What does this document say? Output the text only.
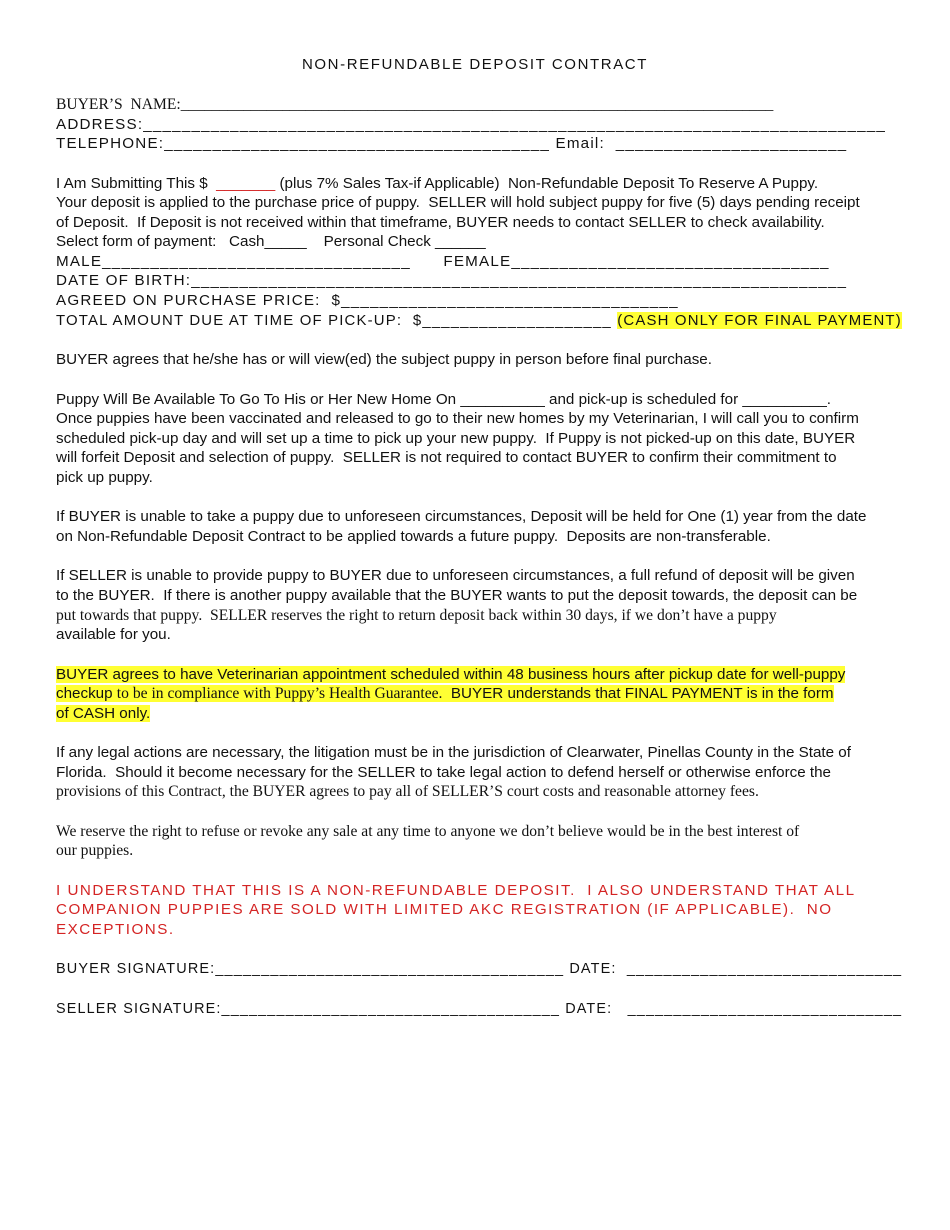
NON-REFUNDABLE DEPOSIT CONTRACT

BUYER’S  NAME:____________________________________________________________________________

ADDRESS:_____________________________________________________________________________

TELEPHONE:________________________________________ Email:  ________________________

I Am Submitting This $  _______ (plus 7% Sales Tax-if Applicable)  Non-Refundable Deposit To Reserve A Puppy.

Your deposit is applied to the purchase price of puppy.  SELLER will hold subject puppy for five (5) days pending receipt

of Deposit.  If Deposit is not received within that timeframe, BUYER needs to contact SELLER to check availability.

Select form of payment:   Cash_____    Personal Check ______

MALE________________________________      FEMALE_________________________________

DATE OF BIRTH:____________________________________________________________________

AGREED ON PURCHASE PRICE:  $___________________________________

TOTAL AMOUNT DUE AT TIME OF PICK-UP:  $____________________ (CASH ONLY FOR FINAL PAYMENT)

BUYER agrees that he/she has or will view(ed) the subject puppy in person before final purchase.

Puppy Will Be Available To Go To His or Her New Home On __________ and pick-up is scheduled for __________.

Once puppies have been vaccinated and released to go to their new homes by my Veterinarian, I will call you to confirm

scheduled pick-up day and will set up a time to pick up your new puppy.  If Puppy is not picked-up on this date, BUYER

will forfeit Deposit and selection of puppy.  SELLER is not required to contact BUYER to confirm their commitment to

pick up puppy.

If BUYER is unable to take a puppy due to unforeseen circumstances, Deposit will be held for One (1) year from the date

on Non-Refundable Deposit Contract to be applied towards a future puppy.  Deposits are non-transferable.

If SELLER is unable to provide puppy to BUYER due to unforeseen circumstances, a full refund of deposit will be given

to the BUYER.  If there is another puppy available that the BUYER wants to put the deposit towards, the deposit can be

put towards that puppy.  SELLER reserves the right to return deposit back within 30 days, if we don’t have a puppy

available for you.

BUYER agrees to have Veterinarian appointment scheduled within 48 business hours after pickup date for well-puppy

checkup to be in compliance with Puppy’s Health Guarantee.  BUYER understands that FINAL PAYMENT is in the form

of CASH only.

If any legal actions are necessary, the litigation must be in the jurisdiction of Clearwater, Pinellas County in the State of

Florida.  Should it become necessary for the SELLER to take legal action to defend herself or otherwise enforce the

provisions of this Contract, the BUYER agrees to pay all of SELLER’S court costs and reasonable attorney fees.

We reserve the right to refuse or revoke any sale at any time to anyone we don’t believe would be in the best interest of

our puppies.

I UNDERSTAND THAT THIS IS A NON-REFUNDABLE DEPOSIT.  I ALSO UNDERSTAND THAT ALL

COMPANION PUPPIES ARE SOLD WITH LIMITED AKC REGISTRATION (IF APPLICABLE).  NO

EXCEPTIONS.

BUYER SIGNATURE:______________________________________ DATE:  ______________________________

SELLER SIGNATURE:_____________________________________ DATE:   ______________________________
